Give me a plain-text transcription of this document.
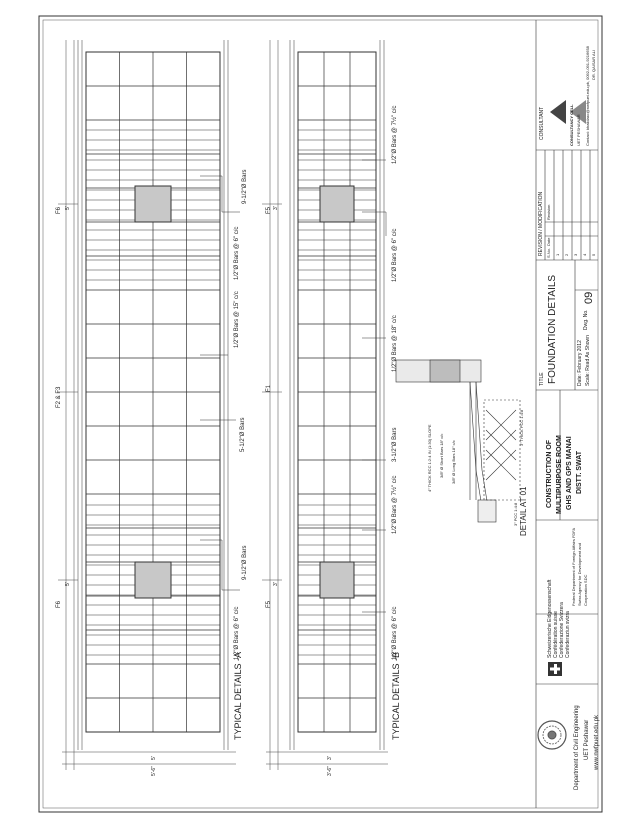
TYPICAL DETAILS -A	TYPICAL DETAILS -B
F6
F2 & F3
F6
F5
F1
F5
5'
5'
3'
3'
5'
5'-6"
3'
3'-6"
1/2"Ø Bars @ 6" c/c
9-1/2"Ø Bars
1/2"Ø Bars @ 15" c/c
5-1/2"Ø Bars
1/2"Ø Bars @ 6" c/c
9-1/2"Ø Bars
1/2"Ø Bars @ 6" c/c
1/2"Ø Bars @ 7½" c/c
3-1/2"Ø Bars
1/2"Ø Bars @ 18" c/c
1/2"Ø Bars @ 6" c/c
1/2"Ø Bars @ 7½" c/c
DETAIL AT 01
4" THICK RCC 1:2:4 IN (1:30) SLOPE 3/8" Ø Short Bars 18" c/c 3/8" Ø Long Bars 18" c/c
3" THICK PCC 1:4:8
3" PCC 1:4:8
Department of Civil Engineering UET Peshawar www.nwfpuet.edu.pk
Schweizerische Eidgenossenschaft Confédération suisse Confederazione Svizzera Confederaziun svizra
Federal Department of Foreign Affairs FDFA Swiss Agency for Development and Cooperation SDC
CONSTRUCTION OF MULTIPURPOSE ROOM GHS AND GPS MANAI DISTT. SWAT
TITLE FOUNDATION DETAILS	Date: February 2012 Scale: Read As Shown
Dwg. No.
09
REVISION / MODIFICATION S.No.
Date
Revision
1 2 3 4 5
CONSULTANT	CONSULTANCY CELL UET PESHAWAR Contact: khalidaxc@nwfpuet.edu.pk, 0092-091-9216658 DR. QAISAR ALI
